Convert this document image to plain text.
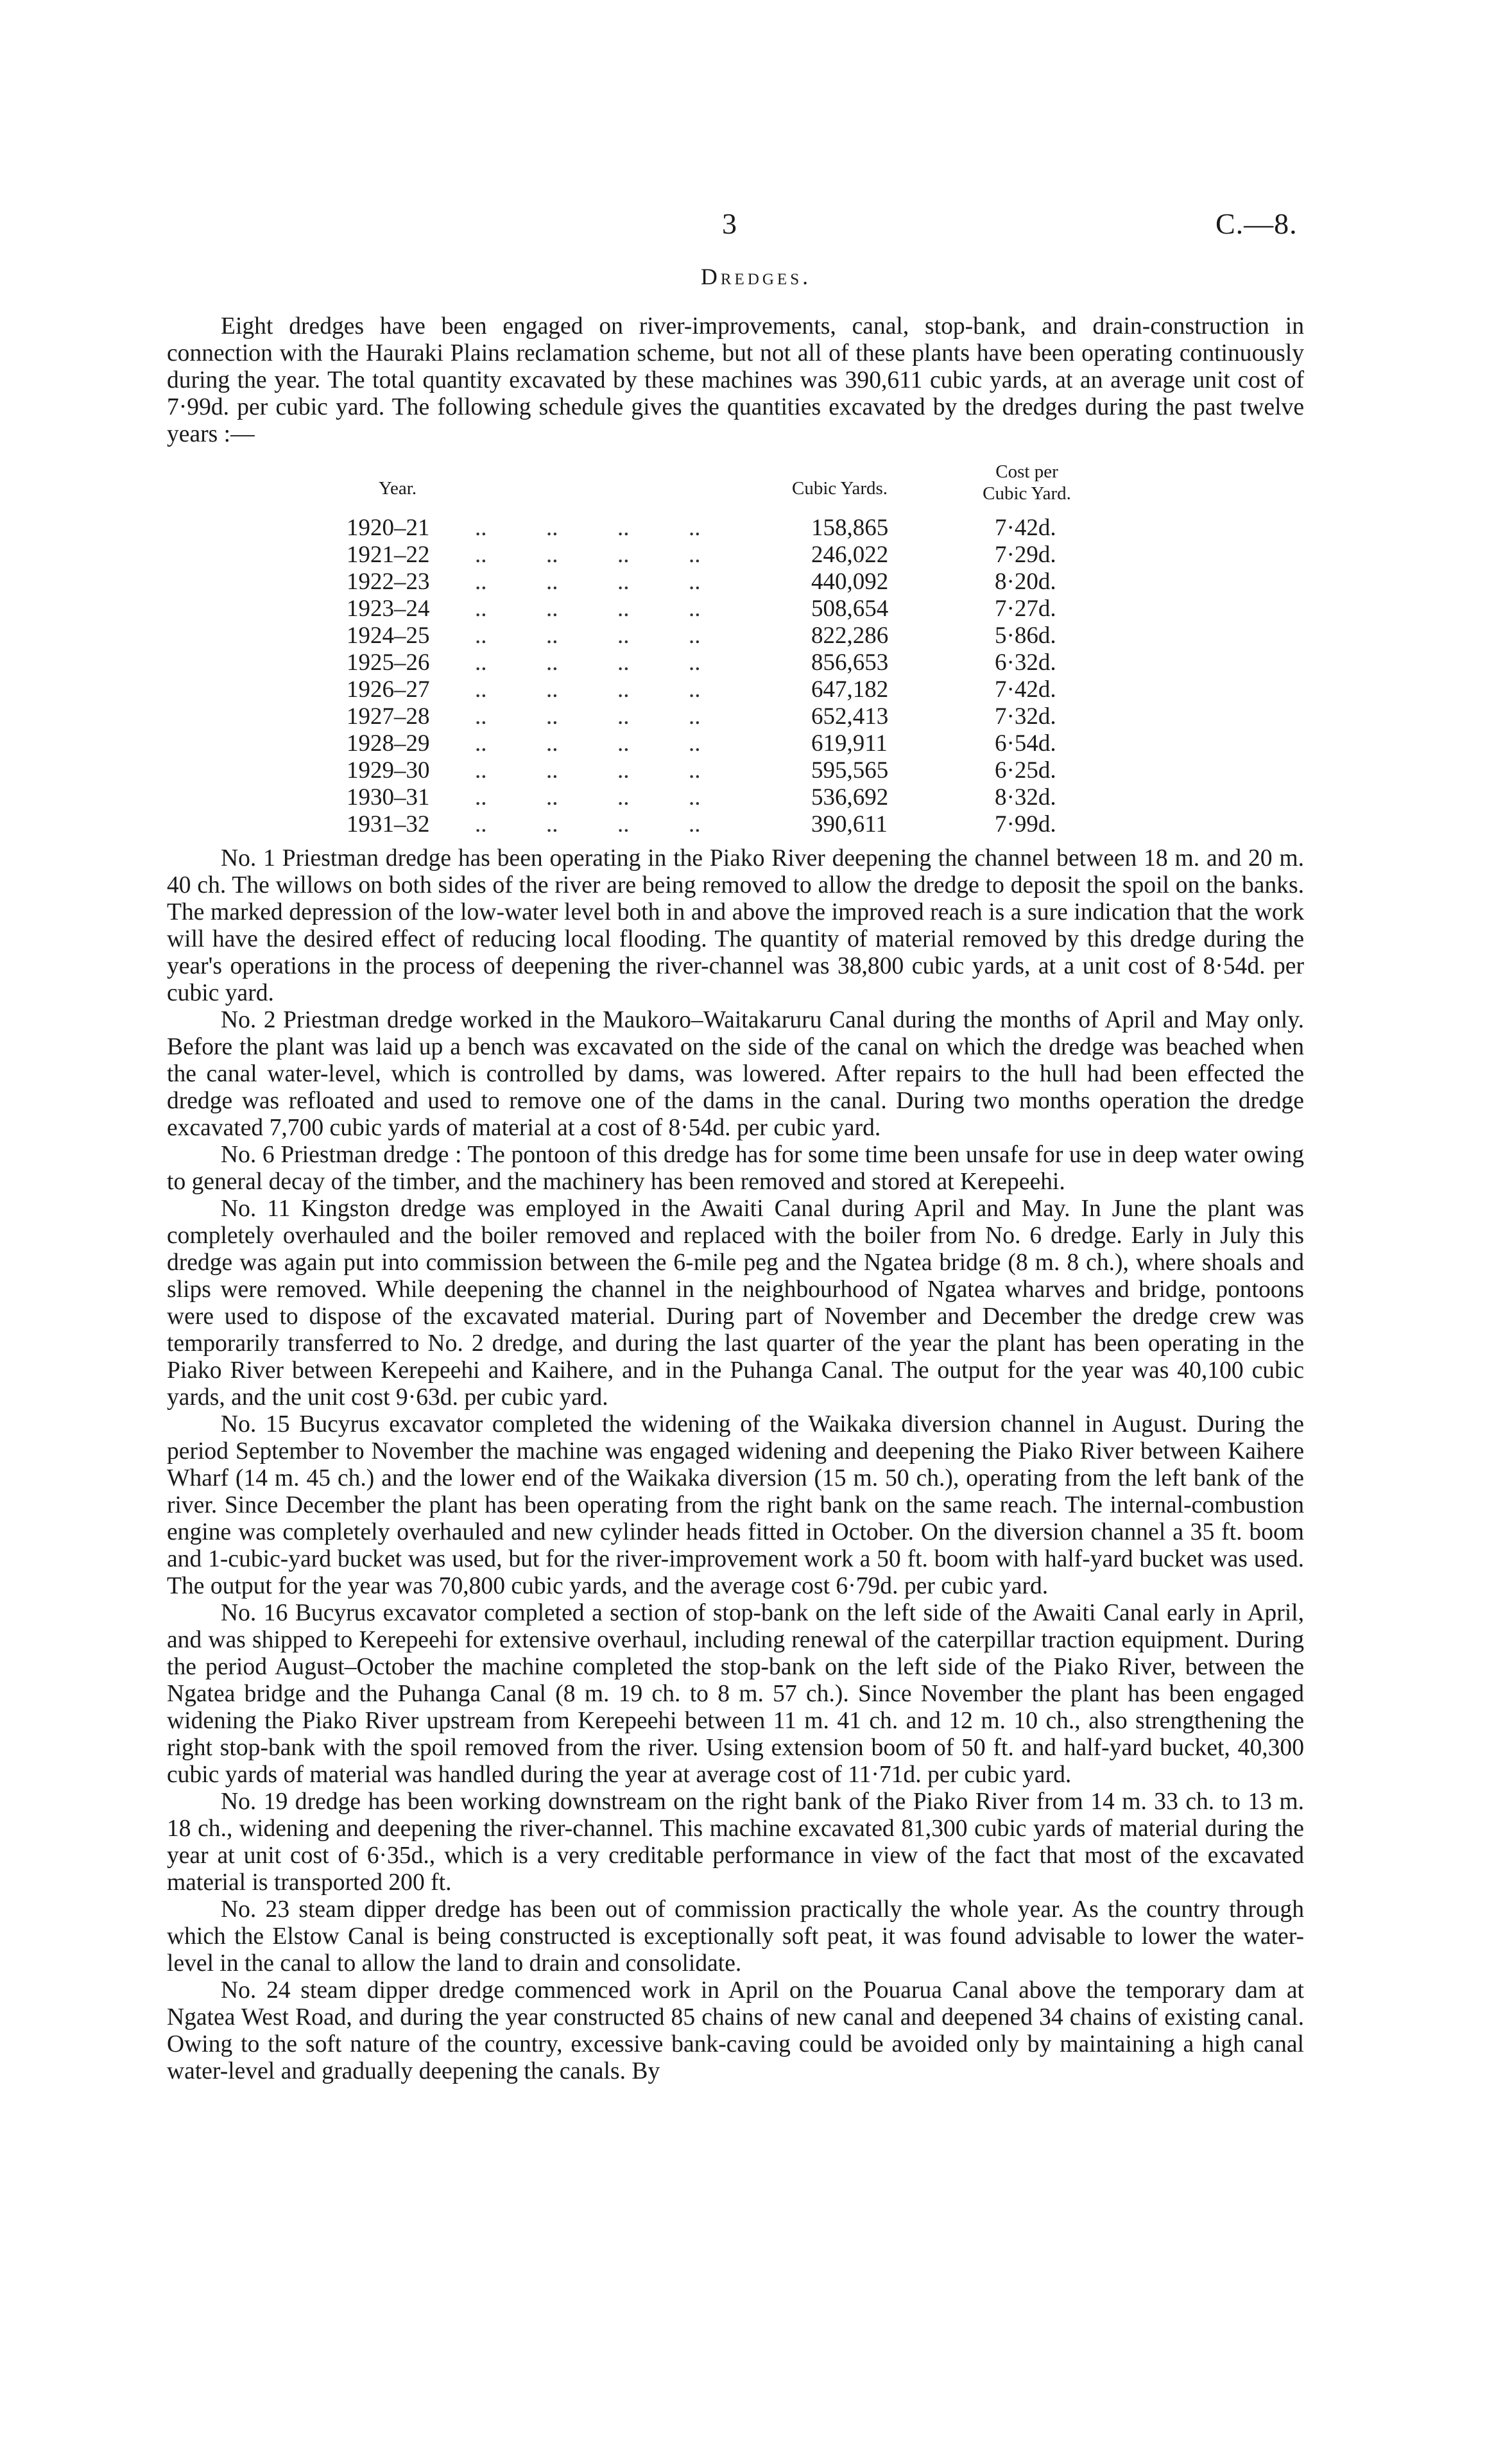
3	C.—8.
Dredges.

Eight dredges have been engaged on river-improvements, canal, stop-bank, and drain-construction in connection with the Hauraki Plains reclamation scheme, but not all of these plants have been operating continuously during the year. The total quantity excavated by these machines was 390,611 cubic yards, at an average unit cost of 7·99d. per cubic yard. The following schedule gives the quantities excavated by the dredges during the past twelve years :—

Year.	Cubic Yards.
Cost per
Cubic Yard.
1920–21 ..          ..          ..          ..	158,865	7·42d.
1921–22 ..          ..          ..          ..	246,022	7·29d.
1922–23 ..          ..          ..          ..	440,092	8·20d.
1923–24 ..          ..          ..          ..	508,654	7·27d.
1924–25 ..          ..          ..          ..	822,286	5·86d.
1925–26 ..          ..          ..          ..	856,653	6·32d.
1926–27 ..          ..          ..          ..	647,182	7·42d.
1927–28 ..          ..          ..          ..	652,413	7·32d.
1928–29 ..          ..          ..          ..	619,911	6·54d.
1929–30 ..          ..          ..          ..	595,565	6·25d.
1930–31 ..          ..          ..          ..	536,692	8·32d.
1931–32 ..          ..          ..          ..	390,611	7·99d.

No. 1 Priestman dredge has been operating in the Piako River deepening the channel between 18 m. and 20 m. 40 ch. The willows on both sides of the river are being removed to allow the dredge to deposit the spoil on the banks. The marked depression of the low-water level both in and above the improved reach is a sure indication that the work will have the desired effect of reducing local flooding. The quantity of material removed by this dredge during the year's operations in the process of deepening the river-channel was 38,800 cubic yards, at a unit cost of 8·54d. per cubic yard.

No. 2 Priestman dredge worked in the Maukoro–Waitakaruru Canal during the months of April and May only. Before the plant was laid up a bench was excavated on the side of the canal on which the dredge was beached when the canal water-level, which is controlled by dams, was lowered. After repairs to the hull had been effected the dredge was refloated and used to remove one of the dams in the canal. During two months operation the dredge excavated 7,700 cubic yards of material at a cost of 8·54d. per cubic yard.

No. 6 Priestman dredge : The pontoon of this dredge has for some time been unsafe for use in deep water owing to general decay of the timber, and the machinery has been removed and stored at Kerepeehi.

No. 11 Kingston dredge was employed in the Awaiti Canal during April and May. In June the plant was completely overhauled and the boiler removed and replaced with the boiler from No. 6 dredge. Early in July this dredge was again put into commission between the 6-mile peg and the Ngatea bridge (8 m. 8 ch.), where shoals and slips were removed. While deepening the channel in the neighbourhood of Ngatea wharves and bridge, pontoons were used to dispose of the excavated material. During part of November and December the dredge crew was temporarily transferred to No. 2 dredge, and during the last quarter of the year the plant has been operating in the Piako River between Kerepeehi and Kaihere, and in the Puhanga Canal. The output for the year was 40,100 cubic yards, and the unit cost 9·63d. per cubic yard.

No. 15 Bucyrus excavator completed the widening of the Waikaka diversion channel in August. During the period September to November the machine was engaged widening and deepening the Piako River between Kaihere Wharf (14 m. 45 ch.) and the lower end of the Waikaka diversion (15 m. 50 ch.), operating from the left bank of the river. Since December the plant has been operating from the right bank on the same reach. The internal-combustion engine was completely overhauled and new cylinder heads fitted in October. On the diversion channel a 35 ft. boom and 1-cubic-yard bucket was used, but for the river-improvement work a 50 ft. boom with half-yard bucket was used. The output for the year was 70,800 cubic yards, and the average cost 6·79d. per cubic yard.

No. 16 Bucyrus excavator completed a section of stop-bank on the left side of the Awaiti Canal early in April, and was shipped to Kerepeehi for extensive overhaul, including renewal of the caterpillar traction equipment. During the period August–October the machine completed the stop-bank on the left side of the Piako River, between the Ngatea bridge and the Puhanga Canal (8 m. 19 ch. to 8 m. 57 ch.). Since November the plant has been engaged widening the Piako River upstream from Kerepeehi between 11 m. 41 ch. and 12 m. 10 ch., also strengthening the right stop-bank with the spoil removed from the river. Using extension boom of 50 ft. and half-yard bucket, 40,300 cubic yards of material was handled during the year at average cost of 11·71d. per cubic yard.

No. 19 dredge has been working downstream on the right bank of the Piako River from 14 m. 33 ch. to 13 m. 18 ch., widening and deepening the river-channel. This machine excavated 81,300 cubic yards of material during the year at unit cost of 6·35d., which is a very creditable performance in view of the fact that most of the excavated material is transported 200 ft.

No. 23 steam dipper dredge has been out of commission practically the whole year. As the country through which the Elstow Canal is being constructed is exceptionally soft peat, it was found advisable to lower the water-level in the canal to allow the land to drain and consolidate.

No. 24 steam dipper dredge commenced work in April on the Pouarua Canal above the temporary dam at Ngatea West Road, and during the year constructed 85 chains of new canal and deepened 34 chains of existing canal. Owing to the soft nature of the country, excessive bank-caving could be avoided only by maintaining a high canal water-level and gradually deepening the canals. By
